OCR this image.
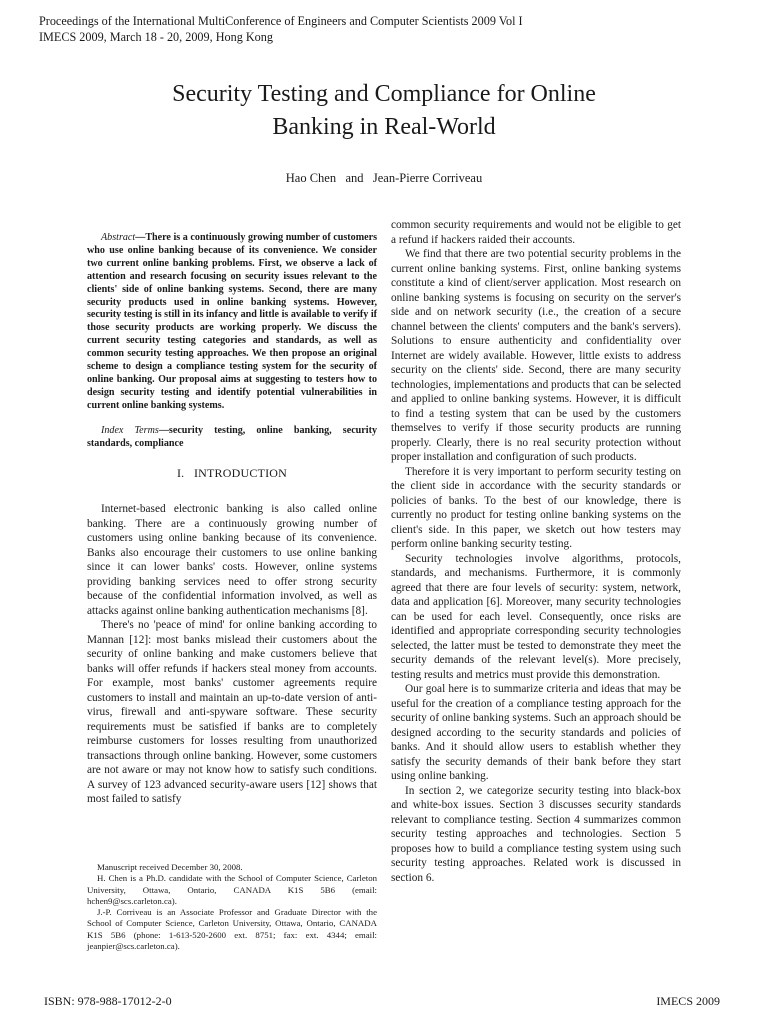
Proceedings of the International MultiConference of Engineers and Computer Scientists 2009 Vol I
IMECS 2009, March 18 - 20, 2009, Hong Kong
Security Testing and Compliance for Online
Banking in Real-World
Hao Chen   and   Jean-Pierre Corriveau

Abstract—There is a continuously growing number of customers who use online banking because of its convenience. We consider two current online banking problems. First, we observe a lack of attention and research focusing on security issues relevant to the clients' side of online banking systems. Second, there are many security products used in online banking systems. However, security testing is still in its infancy and little is available to verify if those security products are working properly. We discuss the current security testing categories and standards, as well as common security testing approaches. We then propose an original scheme to design a compliance testing system for the security of online banking. Our proposal aims at suggesting to testers how to design security testing and identify potential vulnerabilities in current online banking systems.

Index Terms—security testing, online banking, security standards, compliance

I.   INTRODUCTION

Internet-based electronic banking is also called online banking. There are a continuously growing number of customers using online banking because of its convenience. Banks also encourage their customers to use online banking since it can lower banks' costs. However, online systems providing banking services need to offer strong security because of the confidential information involved, as well as attacks against online banking authentication mechanisms [8].

There's no 'peace of mind' for online banking according to Mannan [12]: most banks mislead their customers about the security of online banking and make customers believe that banks will offer refunds if hackers steal money from accounts. For example, most banks' customer agreements require customers to install and maintain an up-to-date version of anti-virus, firewall and anti-spyware software. These security requirements must be satisfied if banks are to completely reimburse customers for losses resulting from unauthorized transactions through online banking. However, some customers are not aware or may not know how to satisfy such conditions. A survey of 123 advanced security-aware users [12] shows that most failed to satisfy

Manuscript received December 30, 2008.

H. Chen is a Ph.D. candidate with the School of Computer Science, Carleton University, Ottawa, Ontario, CANADA K1S 5B6 (email: hchen9@scs.carleton.ca).

J.-P. Corriveau is an Associate Professor and Graduate Director with the School of Computer Science, Carleton University, Ottawa, Ontario, CANADA K1S 5B6 (phone: 1-613-520-2600 ext. 8751; fax: ext. 4344; email: jeanpier@scs.carleton.ca).

common security requirements and would not be eligible to get a refund if hackers raided their accounts.

We find that there are two potential security problems in the current online banking systems. First, online banking systems constitute a kind of client/server application. Most research on online banking systems is focusing on security on the server's side and on network security (i.e., the creation of a secure channel between the clients' computers and the bank's servers). Solutions to ensure authenticity and confidentiality over Internet are widely available. However, little exists to address security on the clients' side. Second, there are many security technologies, implementations and products that can be selected and applied to online banking systems. However, it is difficult to find a testing system that can be used by the customers themselves to verify if those security products are running properly. Clearly, there is no real security protection without proper installation and configuration of such products.

Therefore it is very important to perform security testing on the client side in accordance with the security standards or policies of banks. To the best of our knowledge, there is currently no product for testing online banking systems on the client's side. In this paper, we sketch out how testers may perform online banking security testing.

Security technologies involve algorithms, protocols, standards, and mechanisms. Furthermore, it is commonly agreed that there are four levels of security: system, network, data and application [6]. Moreover, many security technologies can be used for each level. Consequently, once risks are identified and appropriate corresponding security technologies selected, the latter must be tested to demonstrate they meet the security demands of the relevant level(s). More precisely, testing results and metrics must provide this demonstration.

Our goal here is to summarize criteria and ideas that may be useful for the creation of a compliance testing approach for the security of online banking systems. Such an approach should be designed according to the security standards and policies of banks. And it should allow users to establish whether they satisfy the security demands of their bank before they start using online banking.

In section 2, we categorize security testing into black-box and white-box issues. Section 3 discusses security standards relevant to compliance testing. Section 4 summarizes common security testing approaches and technologies. Section 5 proposes how to build a compliance testing system using such security testing approaches. Related work is discussed in section 6.

ISBN: 978-988-17012-2-0	IMECS 2009
